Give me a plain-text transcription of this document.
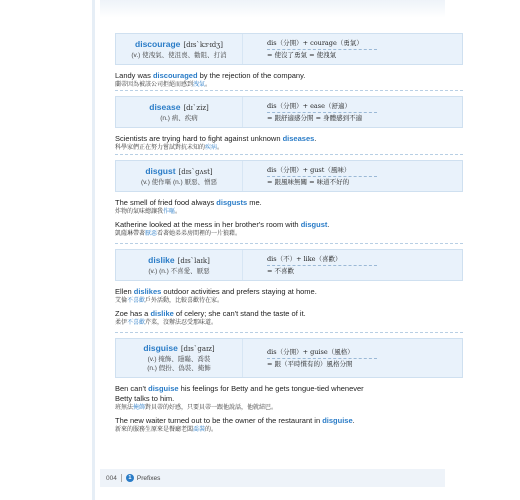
discourage [dɪsˋkɝɪdʒ]
(v.) 使洩氣、使沮喪、勸阻、打消
dis（分開）+ courage（勇氣）
= 使沒了勇氣 = 使洩氣
Landy was discouraged by the rejection of the company.
蘭蒂因為被該公司拒絕而感到洩氣。
disease [dɪˋziz]
(n.) 病、疾病
dis（分開）+ ease（舒適）
= 跟舒適感分開 = 身體感到不適
Scientists are trying hard to fight against unknown diseases.
科學家們正在努力嘗試對抗未知的疾病。
disgust [dɪsˋgʌst]
(v.) 使作嘔 (n.) 厭惡、憎惡
dis（分開）+ gust（風味）
= 跟風味無關 = 味道不好的
The smell of fried food always disgusts me.
炸物的氣味總讓我作嘔。
Katherine looked at the mess in her brother's room with disgust.
凱薩琳帶著厭惡看著她弟弟房間裡的一片狼藉。
dislike [dɪsˋlaɪk]
(v.) (n.) 不喜愛、厭惡
dis（不）+ like（喜歡）
= 不喜歡
Ellen dislikes outdoor activities and prefers staying at home.
艾倫不喜歡戶外活動，比較喜歡待在家。
Zoe has a dislike of celery; she can't stand the taste of it.
柔伊不喜歡芹菜，沒辦法忍受那味道。
disguise [dɪsˋgaɪz]
(v.) 掩飾、隱瞞、喬裝
(n.) 假扮、偽裝、掩飾
dis（分開）+ guise（風格）
= 跟（平時慣有的）風格分開
Ben can't disguise his feelings for Betty and he gets tongue-tied whenever
Betty talks to him.
班無法掩飾對貝蒂的好感，只要貝蒂一跟他說話，他就結巴。
The new waiter turned out to be the owner of the restaurant in disguise.
新來的服務生原來是餐廳老闆喬裝的。
004	1 Prefixes
